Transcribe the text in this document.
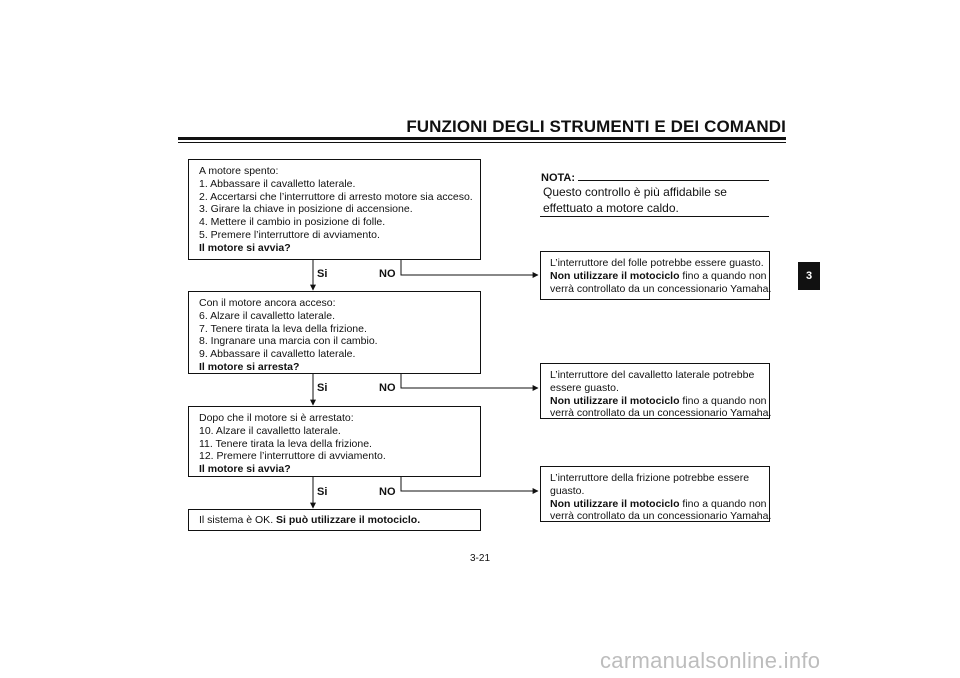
FUNZIONI DEGLI STRUMENTI E DEI COMANDI
A motore spento:
1. Abbassare il cavalletto laterale.
2. Accertarsi che l’interruttore di arresto motore sia acceso.
3. Girare la chiave in posizione di accensione.
4. Mettere il cambio in posizione di folle.
5. Premere l’interruttore di avviamento.
Il motore si avvia?
Si	NO
Con il motore ancora acceso:
6. Alzare il cavalletto laterale.
7. Tenere tirata la leva della frizione.
8. Ingranare una marcia con il cambio.
9. Abbassare il cavalletto laterale.
Il motore si arresta?
Si	NO
Dopo che il motore si è arrestato:
10. Alzare il cavalletto laterale.
11. Tenere tirata la leva della frizione.
12. Premere l’interruttore di avviamento.
Il motore si avvia?
Si	NO
Il sistema è OK. Si può utilizzare il motociclo.
NOTA:
Questo controllo è più affidabile se effettuato a motore caldo.
L’interruttore del folle potrebbe essere guasto.
Non utilizzare il motociclo fino a quando non
verrà controllato da un concessionario Yamaha.
L’interruttore del cavalletto laterale potrebbe
essere guasto.
Non utilizzare il motociclo fino a quando non
verrà controllato da un concessionario Yamaha.
L’interruttore della frizione potrebbe essere
guasto.
Non utilizzare il motociclo fino a quando non
verrà controllato da un concessionario Yamaha.
3
3-21
carmanualsonline.info
